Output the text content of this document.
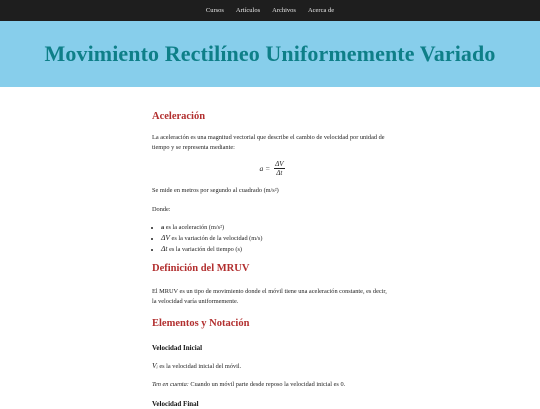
Cursos	Artículos	Archivos	Acerca de
Movimiento Rectilíneo Uniformemente Variado
Aceleración

La aceleración es una magnitud vectorial que describe el cambio de velocidad por unidad de tiempo y se representa mediante:

$a = \frac{\Delta V}{\Delta t}$

Se mide en metros por segundo al cuadrado (m/s²)

Donde:

• a es la aceleración (m/s²)
• ΔV es la variación de la velocidad (m/s)
• Δt es la variación del tiempo (s)
Definición del MRUV

El MRUV es un tipo de movimiento donde el móvil tiene una aceleración constante, es decir, la velocidad varía uniformemente.

Elementos y Notación
Velocidad Inicial

Vᵢ es la velocidad inicial del móvil.

Ten en cuenta: Cuando un móvil parte desde reposo la velocidad inicial es 0.

Velocidad Final
